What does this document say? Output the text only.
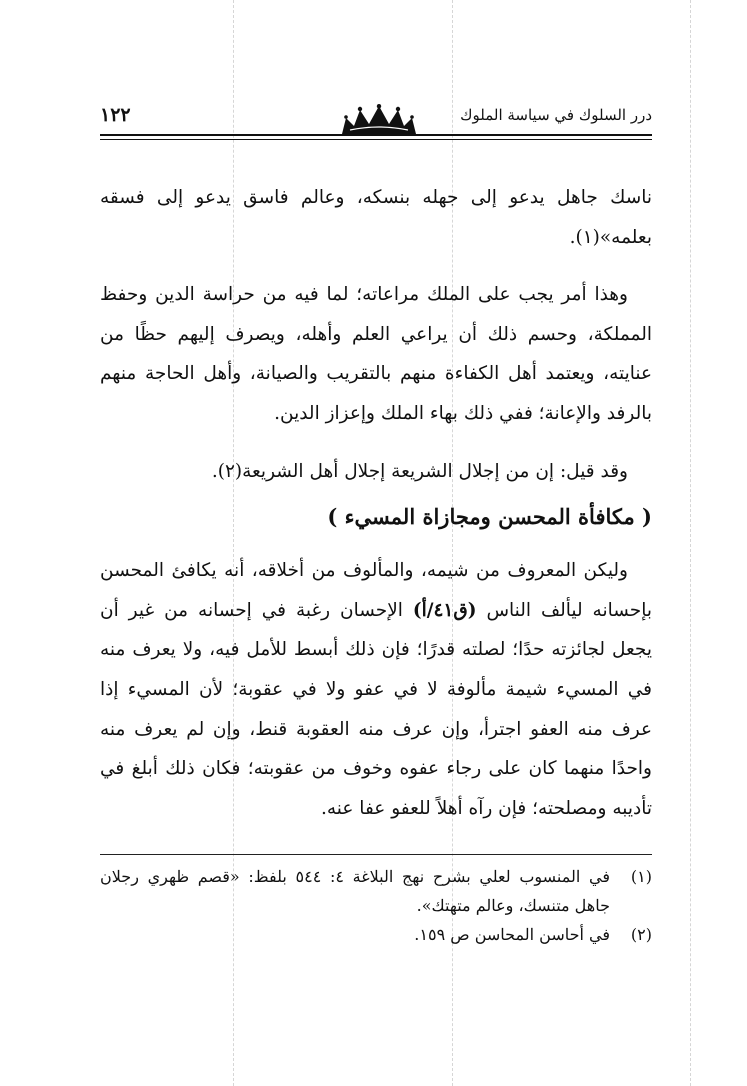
١٢٢	درر السلوك في سياسة الملوك

ناسك جاهل يدعو إلى جهله بنسكه، وعالم فاسق يدعو إلى فسقه بعلمه»(١).

وهذا أمر يجب على الملك مراعاته؛ لما فيه من حراسة الدين وحفظ المملكة، وحسم ذلك أن يراعي العلم وأهله، ويصرف إليهم حظًا من عنايته، ويعتمد أهل الكفاءة منهم بالتقريب والصيانة، وأهل الحاجة منهم بالرفد والإعانة؛ ففي ذلك بهاء الملك وإعزاز الدين.

وقد قيل: إن من إجلال الشريعة إجلال أهل الشريعة(٢).

( مكافأة المحسن ومجازاة المسيء )

وليكن المعروف من شيمه، والمألوف من أخلاقه، أنه يكافئ المحسن بإحسانه ليألف الناس (ق٤١/أ) الإحسان رغبة في إحسانه من غير أن يجعل لجائزته حدًا؛ لصلته قدرًا؛ فإن ذلك أبسط للأمل فيه، ولا يعرف منه في المسيء شيمة مألوفة لا في عفو ولا في عقوبة؛ لأن المسيء إذا عرف منه العفو اجترأ، وإن عرف منه العقوبة قنط، وإن لم يعرف منه واحدًا منهما كان على رجاء عفوه وخوف من عقوبته؛ فكان ذلك أبلغ في تأديبه ومصلحته؛ فإن رآه أهلاً للعفو عفا عنه.

(١)
في المنسوب لعلي بشرح نهج البلاغة ٤: ٥٤٤ بلفظ: «قصم ظهري رجلان جاهل متنسك، وعالم متهتك».
(٢)
في أحاسن المحاسن ص ١٥٩.
